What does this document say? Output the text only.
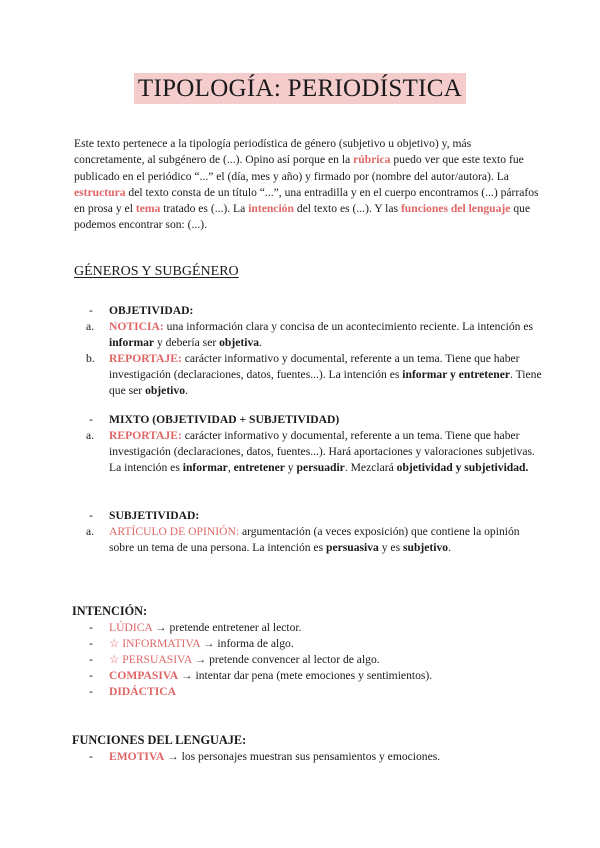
TIPOLOGÍA: PERIODÍSTICA
Este texto pertenece a la tipología periodística de género (subjetivo u objetivo) y, más concretamente, al subgénero de (...). Opino así porque en la rúbrica puedo ver que este texto fue publicado en el periódico “...” el (día, mes y año) y firmado por (nombre del autor/autora). La estructura del texto consta de un título “...”, una entradilla y en el cuerpo encontramos (...) párrafos en prosa y el tema tratado es (...). La intención del texto es (...). Y las funciones del lenguaje que podemos encontrar son: (...).
GÉNEROS Y SUBGÉNERO
- OBJETIVIDAD:
a. NOTICIA: una información clara y concisa de un acontecimiento reciente. La intención es informar y debería ser objetiva.
b. REPORTAJE: carácter informativo y documental, referente a un tema. Tiene que haber investigación (declaraciones, datos, fuentes...). La intención es informar y entretener. Tiene que ser objetivo.
- MIXTO (OBJETIVIDAD + SUBJETIVIDAD)
a. REPORTAJE: carácter informativo y documental, referente a un tema. Tiene que haber investigación (declaraciones, datos, fuentes...). Hará aportaciones y valoraciones subjetivas. La intención es informar, entretener y persuadir. Mezclará objetividad y subjetividad.
- SUBJETIVIDAD:
a. ARTÍCULO DE OPINIÓN: argumentación (a veces exposición) que contiene la opinión sobre un tema de una persona. La intención es persuasiva y es subjetivo.
INTENCIÓN:
- LÚDICA → pretende entretener al lector.
- ☆ INFORMATIVA → informa de algo.
- ☆ PERSUASIVA → pretende convencer al lector de algo.
- COMPASIVA → intentar dar pena (mete emociones y sentimientos).
- DIDÁCTICA
FUNCIONES DEL LENGUAJE:
- EMOTIVA → los personajes muestran sus pensamientos y emociones.
